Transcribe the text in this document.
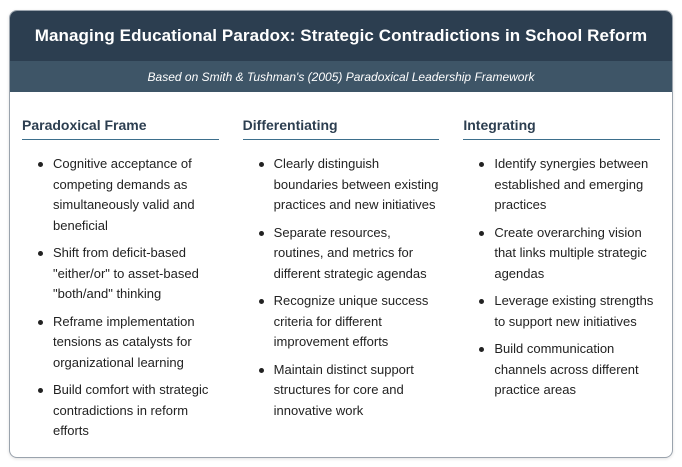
Managing Educational Paradox: Strategic Contradictions in School Reform
Based on Smith & Tushman's (2005) Paradoxical Leadership Framework
Paradoxical Frame
Cognitive acceptance of competing demands as simultaneously valid and beneficial
Shift from deficit-based "either/or" to asset-based "both/and" thinking
Reframe implementation tensions as catalysts for organizational learning
Build comfort with strategic contradictions in reform efforts
Differentiating
Clearly distinguish boundaries between existing practices and new initiatives
Separate resources, routines, and metrics for different strategic agendas
Recognize unique success criteria for different improvement efforts
Maintain distinct support structures for core and innovative work
Integrating
Identify synergies between established and emerging practices
Create overarching vision that links multiple strategic agendas
Leverage existing strengths to support new initiatives
Build communication channels across different practice areas
